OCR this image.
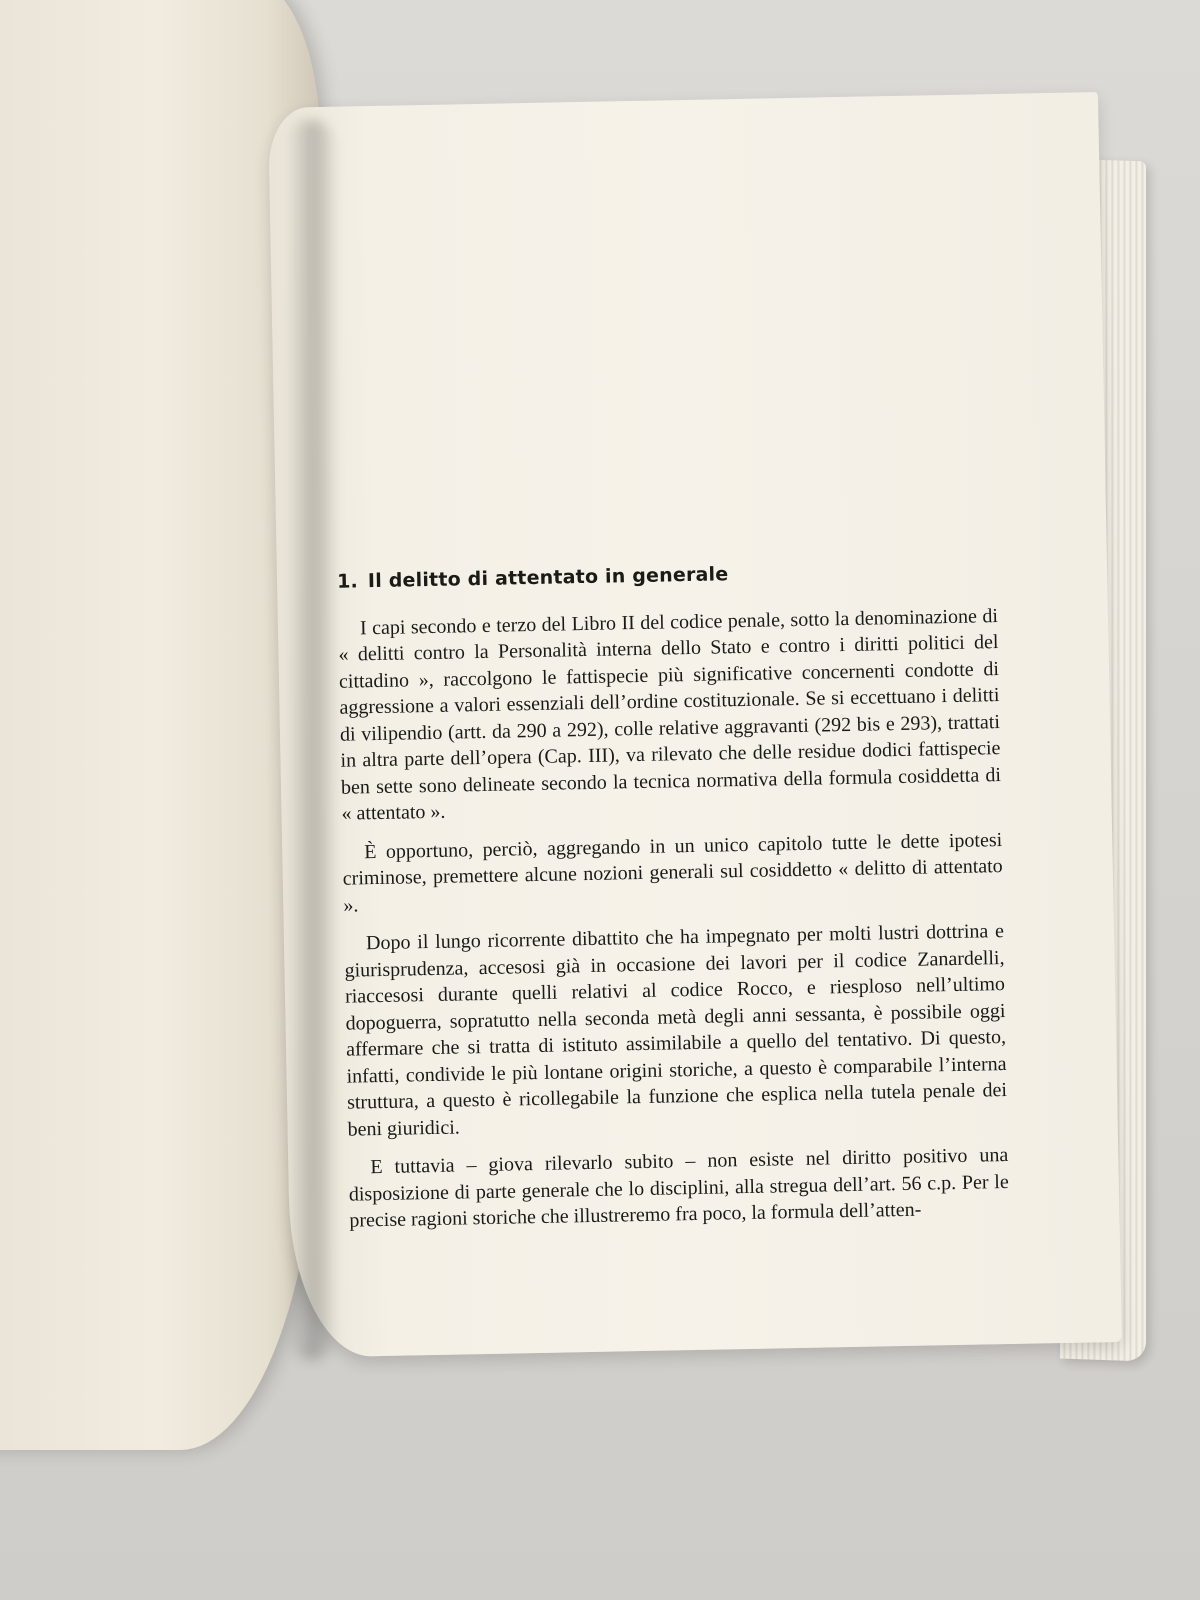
1. Il delitto di attentato in generale

I capi secondo e terzo del Libro II del codice penale, sotto la denominazione di « delitti contro la Personalità interna dello Stato e contro i diritti politici del cittadino », raccolgono le fattispecie più significative concernenti condotte di aggressione a valori essenziali dell’ordine costituzionale. Se si eccettuano i delitti di vilipendio (artt. da 290 a 292), colle relative aggravanti (292 bis e 293), trattati in altra parte dell’opera (Cap. III), va rilevato che delle residue dodici fattispecie ben sette sono delineate secondo la tecnica normativa della formula cosiddetta di « attentato ».

È opportuno, perciò, aggregando in un unico capitolo tutte le dette ipotesi criminose, premettere alcune nozioni generali sul cosiddetto « delitto di attentato ».

Dopo il lungo ricorrente dibattito che ha impegnato per molti lustri dottrina e giurisprudenza, accesosi già in occasione dei lavori per il codice Zanardelli, riaccesosi durante quelli relativi al codice Rocco, e riesploso nell’ultimo dopoguerra, sopratutto nella seconda metà degli anni sessanta, è possibile oggi affermare che si tratta di istituto assimilabile a quello del tentativo. Di questo, infatti, condivide le più lontane origini storiche, a questo è comparabile l’interna struttura, a questo è ricollegabile la funzione che esplica nella tutela penale dei beni giuridici.

E tuttavia – giova rilevarlo subito – non esiste nel diritto positivo una disposizione di parte generale che lo disciplini, alla stregua dell’art. 56 c.p. Per le precise ragioni storiche che illustreremo fra poco, la formula dell’atten-
